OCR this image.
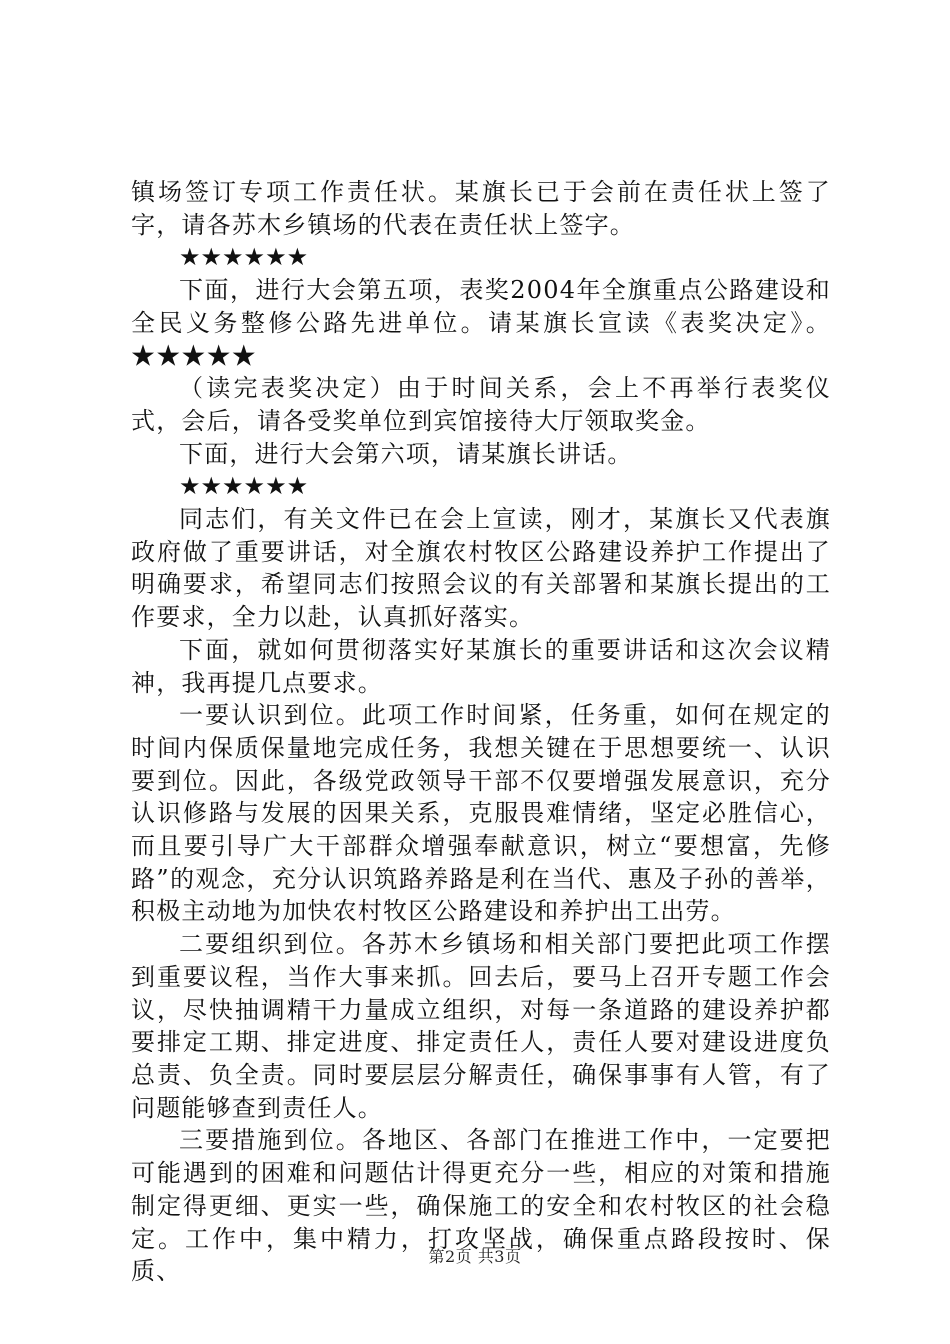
镇场签订专项工作责任状。某旗长已于会前在责任状上签了字，请各苏木乡镇场的代表在责任状上签字。

★★★★★★

下面，进行大会第五项，表奖2004年全旗重点公路建设和全民义务整修公路先进单位。请某旗长宣读《表奖决定》。★★★★★

（读完表奖决定）由于时间关系，会上不再举行表奖仪式，会后，请各受奖单位到宾馆接待大厅领取奖金。

下面，进行大会第六项，请某旗长讲话。

★★★★★★

同志们，有关文件已在会上宣读，刚才，某旗长又代表旗政府做了重要讲话，对全旗农村牧区公路建设养护工作提出了明确要求，希望同志们按照会议的有关部署和某旗长提出的工作要求，全力以赴，认真抓好落实。

下面，就如何贯彻落实好某旗长的重要讲话和这次会议精神，我再提几点要求。

一要认识到位。此项工作时间紧，任务重，如何在规定的时间内保质保量地完成任务，我想关键在于思想要统一、认识要到位。因此，各级党政领导干部不仅要增强发展意识，充分认识修路与发展的因果关系，克服畏难情绪，坚定必胜信心，而且要引导广大干部群众增强奉献意识，树立“要想富，先修路”的观念，充分认识筑路养路是利在当代、惠及子孙的善举，积极主动地为加快农村牧区公路建设和养护出工出劳。

二要组织到位。各苏木乡镇场和相关部门要把此项工作摆到重要议程，当作大事来抓。回去后，要马上召开专题工作会议，尽快抽调精干力量成立组织，对每一条道路的建设养护都要排定工期、排定进度、排定责任人，责任人要对建设进度负总责、负全责。同时要层层分解责任，确保事事有人管，有了问题能够查到责任人。

三要措施到位。各地区、各部门在推进工作中，一定要把可能遇到的困难和问题估计得更充分一些，相应的对策和措施制定得更细、更实一些，确保施工的安全和农村牧区的社会稳定。工作中，集中精力，打攻坚战，确保重点路段按时、保质、

第2页 共3页
